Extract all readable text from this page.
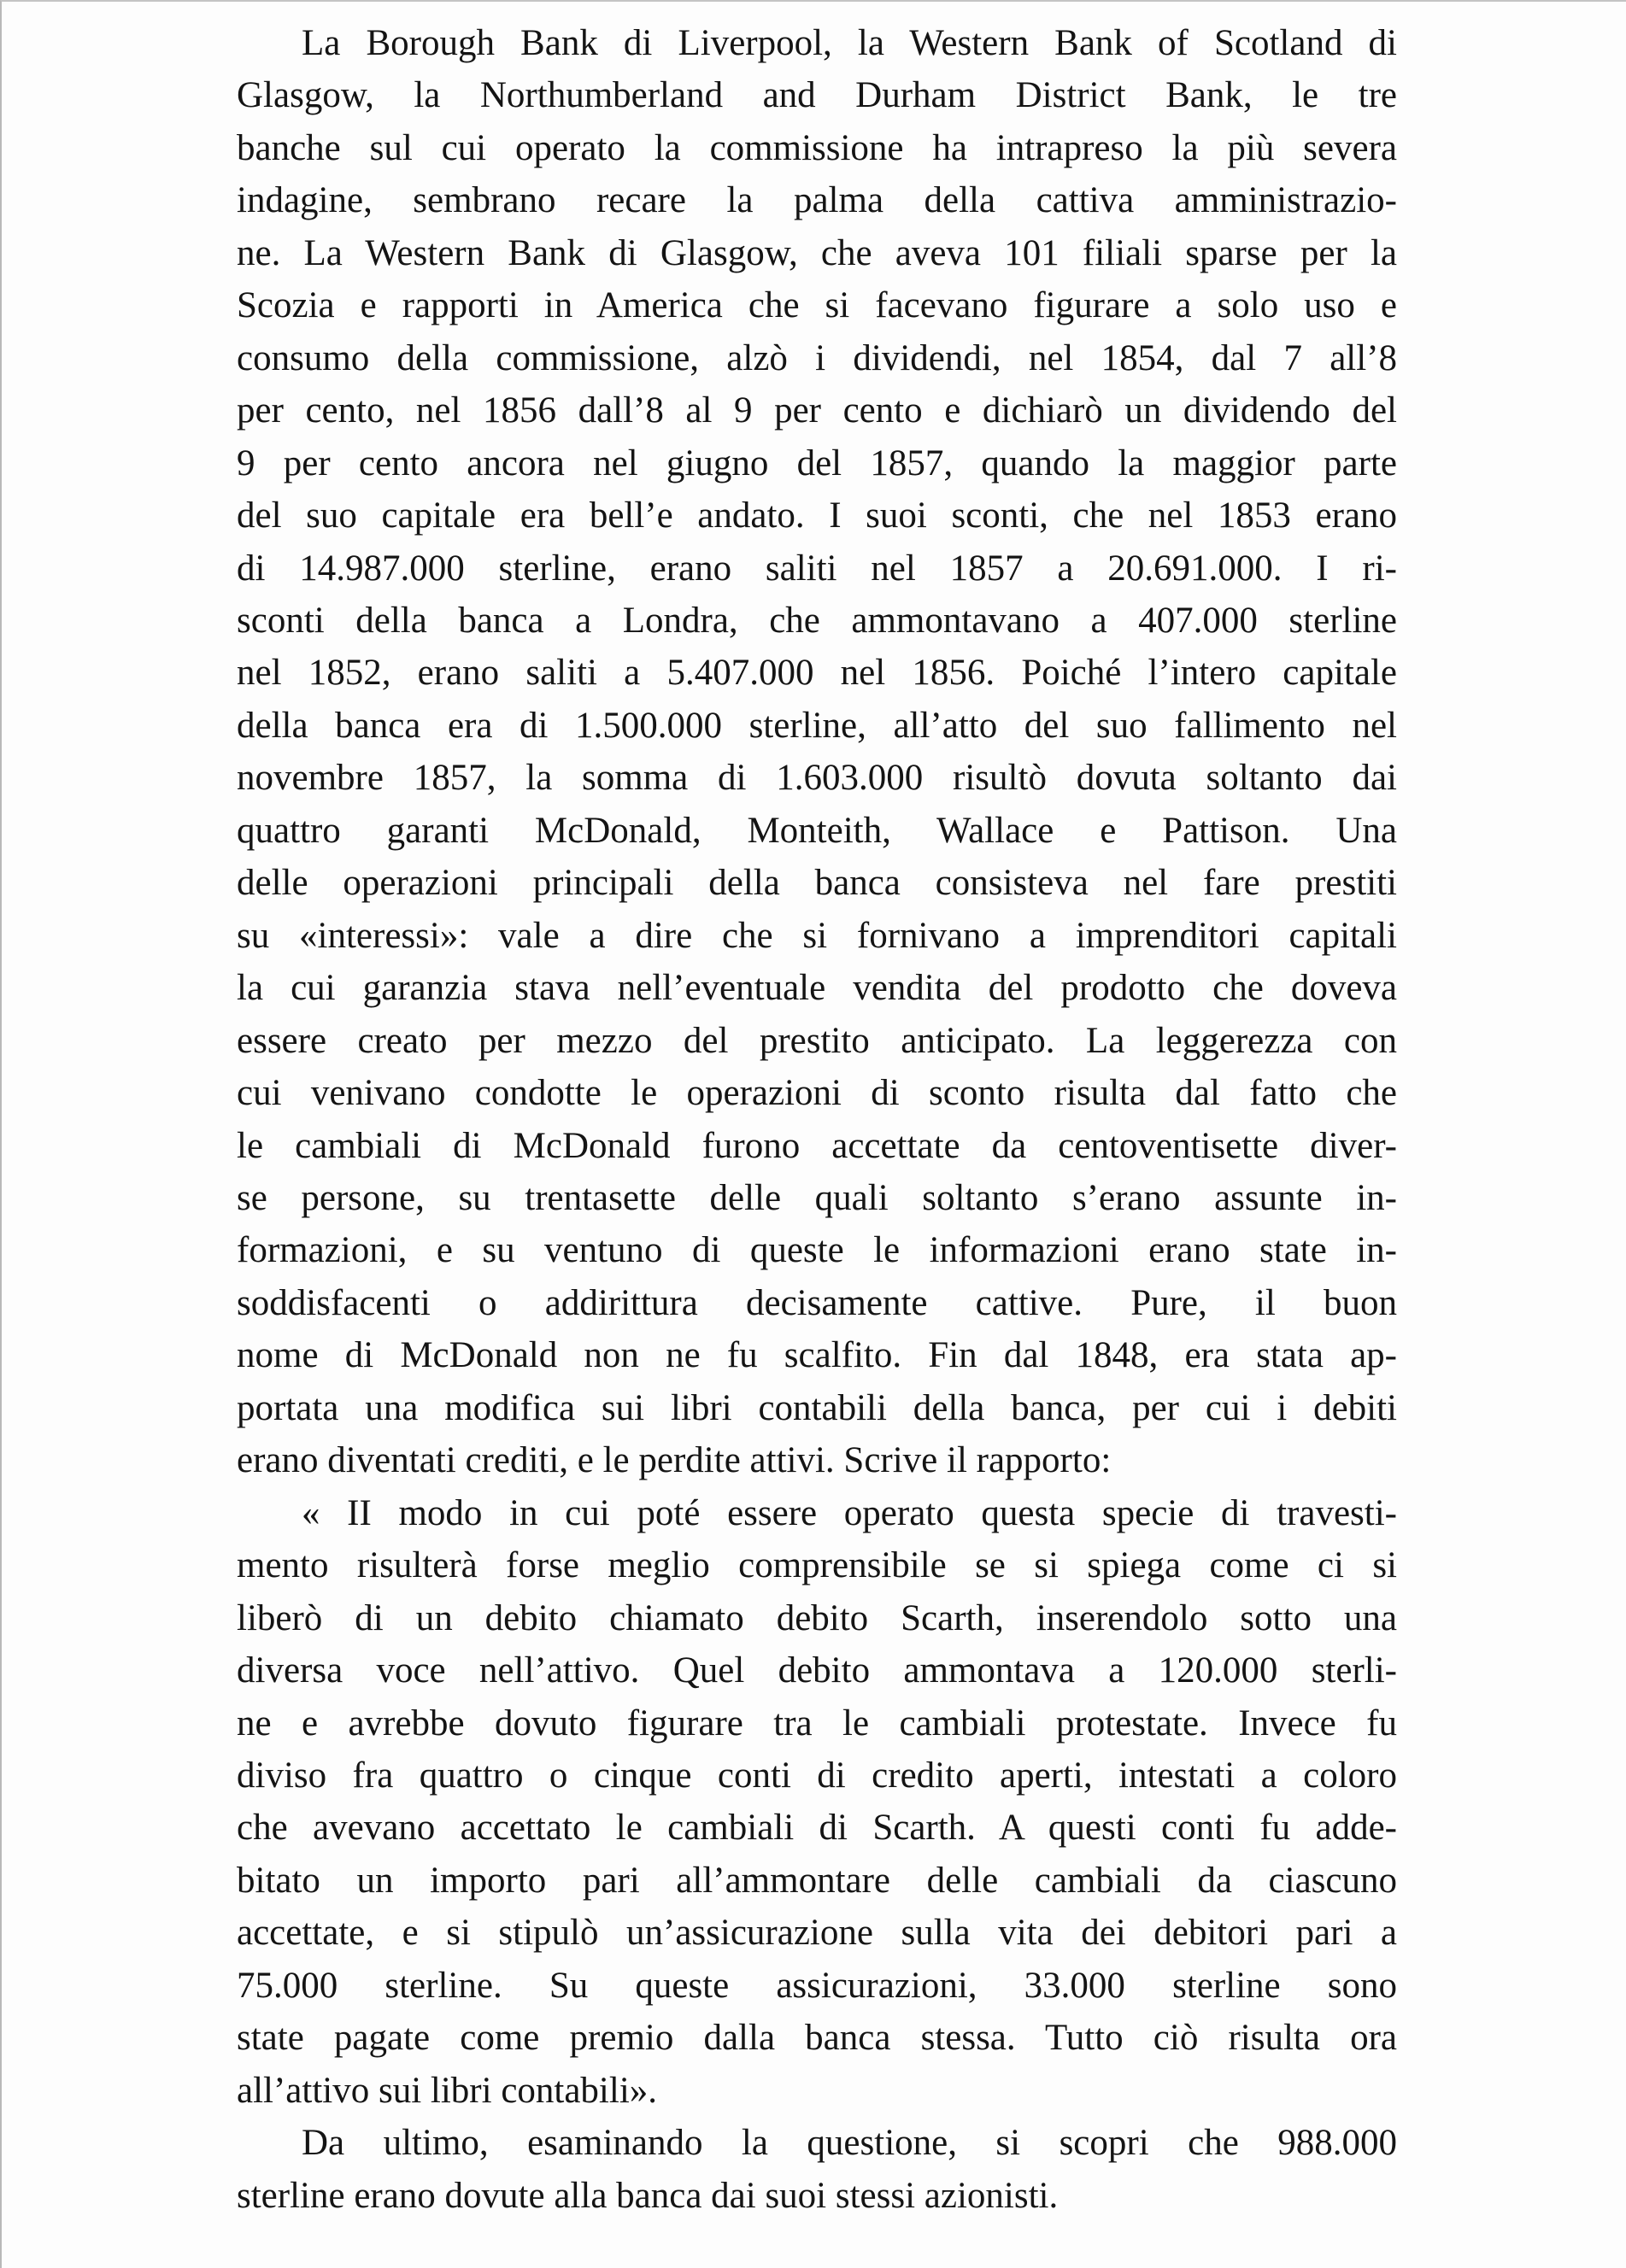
La Borough Bank di Liverpool, la Western Bank of Scotland di
Glasgow, la Northumberland and Durham District Bank, le tre
banche sul cui operato la commissione ha intrapreso la più severa
indagine, sembrano recare la palma della cattiva amministrazio-
ne. La Western Bank di Glasgow, che aveva 101 filiali sparse per la
Scozia e rapporti in America che si facevano figurare a solo uso e
consumo della commissione, alzò i dividendi, nel 1854, dal 7 all’8
per cento, nel 1856 dall’8 al 9 per cento e dichiarò un dividendo del
9 per cento ancora nel giugno del 1857, quando la maggior parte
del suo capitale era bell’e andato. I suoi sconti, che nel 1853 erano
di 14.987.000 sterline, erano saliti nel 1857 a 20.691.000. I ri-
sconti della banca a Londra, che ammontavano a 407.000 sterline
nel 1852, erano saliti a 5.407.000 nel 1856. Poiché l’intero capitale
della banca era di 1.500.000 sterline, all’atto del suo fallimento nel
novembre 1857, la somma di 1.603.000 risultò dovuta soltanto dai
quattro garanti McDonald, Monteith, Wallace e Pattison. Una
delle operazioni principali della banca consisteva nel fare prestiti
su «interessi»: vale a dire che si fornivano a imprenditori capitali
la cui garanzia stava nell’eventuale vendita del prodotto che doveva
essere creato per mezzo del prestito anticipato. La leggerezza con
cui venivano condotte le operazioni di sconto risulta dal fatto che
le cambiali di McDonald furono accettate da centoventisette diver-
se persone, su trentasette delle quali soltanto s’erano assunte in-
formazioni, e su ventuno di queste le informazioni erano state in-
soddisfacenti o addirittura decisamente cattive. Pure, il buon
nome di McDonald non ne fu scalfito. Fin dal 1848, era stata ap-
portata una modifica sui libri contabili della banca, per cui i debiti
erano diventati crediti, e le perdite attivi. Scrive il rapporto:
« II modo in cui poté essere operato questa specie di travesti-
mento risulterà forse meglio comprensibile se si spiega come ci si
liberò di un debito chiamato debito Scarth, inserendolo sotto una
diversa voce nell’attivo. Quel debito ammontava a 120.000 sterli-
ne e avrebbe dovuto figurare tra le cambiali protestate. Invece fu
diviso fra quattro o cinque conti di credito aperti, intestati a coloro
che avevano accettato le cambiali di Scarth. A questi conti fu adde-
bitato un importo pari all’ammontare delle cambiali da ciascuno
accettate, e si stipulò un’assicurazione sulla vita dei debitori pari a
75.000 sterline. Su queste assicurazioni, 33.000 sterline sono
state pagate come premio dalla banca stessa. Tutto ciò risulta ora
all’attivo sui libri contabili».
Da ultimo, esaminando la questione, si scopri che 988.000
sterline erano dovute alla banca dai suoi stessi azionisti.
